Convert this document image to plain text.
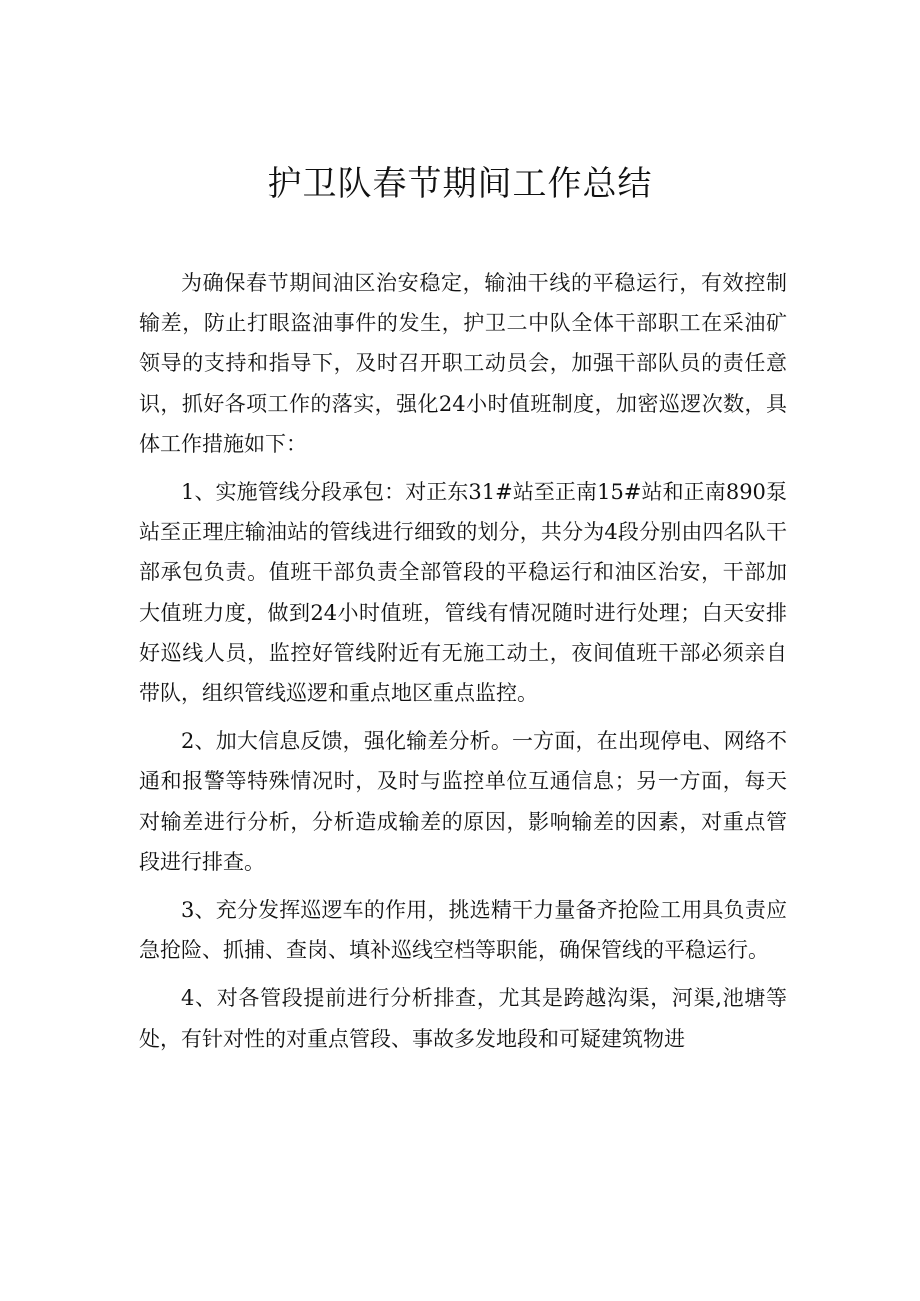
护卫队春节期间工作总结

为确保春节期间油区治安稳定，输油干线的平稳运行，有效控制输差，防止打眼盗油事件的发生，护卫二中队全体干部职工在采油矿领导的支持和指导下，及时召开职工动员会，加强干部队员的责任意识，抓好各项工作的落实，强化24小时值班制度，加密巡逻次数，具体工作措施如下：

1、实施管线分段承包：对正东31#站至正南15#站和正南890泵站至正理庄输油站的管线进行细致的划分，共分为4段分别由四名队干部承包负责。值班干部负责全部管段的平稳运行和油区治安，干部加大值班力度，做到24小时值班，管线有情况随时进行处理；白天安排好巡线人员，监控好管线附近有无施工动土，夜间值班干部必须亲自带队，组织管线巡逻和重点地区重点监控。

2、加大信息反馈，强化输差分析。一方面，在出现停电、网络不通和报警等特殊情况时，及时与监控单位互通信息；另一方面，每天对输差进行分析，分析造成输差的原因，影响输差的因素，对重点管段进行排查。

3、充分发挥巡逻车的作用，挑选精干力量备齐抢险工用具负责应急抢险、抓捕、查岗、填补巡线空档等职能，确保管线的平稳运行。

4、对各管段提前进行分析排查，尤其是跨越沟渠，河渠,池塘等处，有针对性的对重点管段、事故多发地段和可疑建筑物进
